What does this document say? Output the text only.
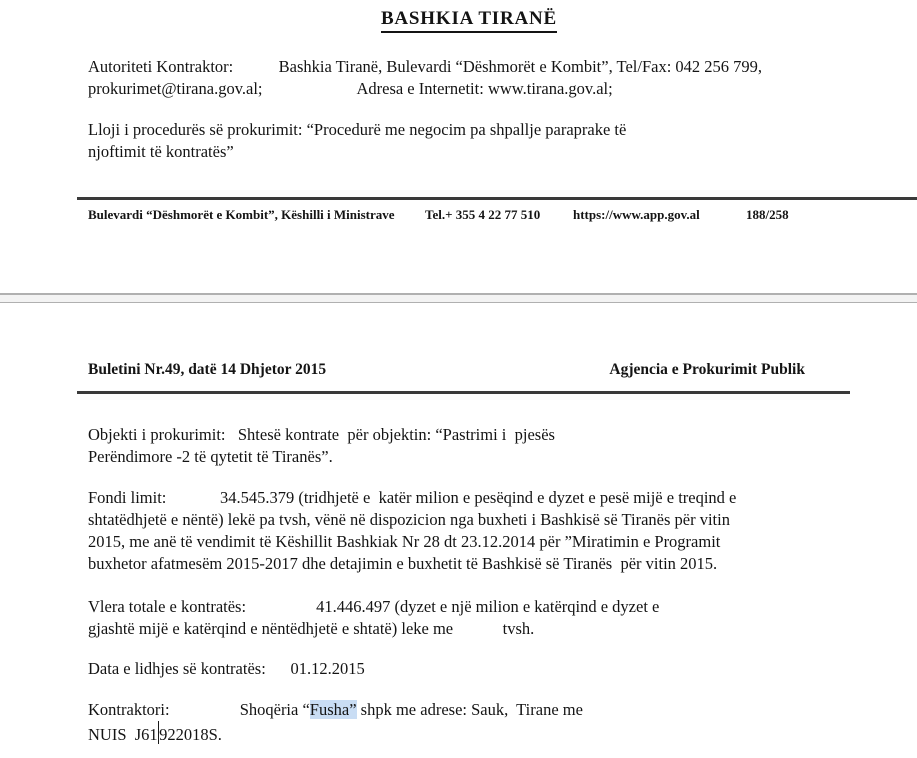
BASHKIA TIRANË
Autoriteti Kontraktor:           Bashkia Tiranë, Bulevardi “Dëshmorët e Kombit”, Tel/Fax: 042 256 799,
prokurimet@tirana.gov.al;                       Adresa e Internetit: www.tirana.gov.al;
Lloji i procedurës së prokurimit: “Procedurë me negocim pa shpallje paraprake të
njoftimit të kontratës”
Bulevardi “Dëshmorët e Kombit”, Këshilli i Ministrave Tel.+ 355 4 22 77 510	https://www.app.gov.al	188/258
Buletini Nr.49, datë 14 Dhjetor 2015	Agjencia e Prokurimit Publik
Objekti i prokurimit:   Shtesë kontrate  për objektin: “Pastrimi i  pjesës
Perëndimore -2 të qytetit të Tiranës”.
Fondi limit:             34.545.379 (tridhjetë e  katër milion e pesëqind e dyzet e pesë mijë e treqind e
shtatëdhjetë e nëntë) lekë pa tvsh, vënë në dispozicion nga buxheti i Bashkisë së Tiranës për vitin
2015, me anë të vendimit të Këshillit Bashkiak Nr 28 dt 23.12.2014 për ”Miratimin e Programit
buxhetor afatmesëm 2015-2017 dhe detajimin e buxhetit të Bashkisë së Tiranës  për vitin 2015.
Vlera totale e kontratës:                 41.446.497 (dyzet e një milion e katërqind e dyzet e
gjashtë mijë e katërqind e nëntëdhjetë e shtatë) leke me            tvsh.
Data e lidhjes së kontratës:      01.12.2015
Kontraktori:                 Shoqëria “Fusha” shpk me adrese: Sauk,  Tirane me
NUIS  J61922018S.
